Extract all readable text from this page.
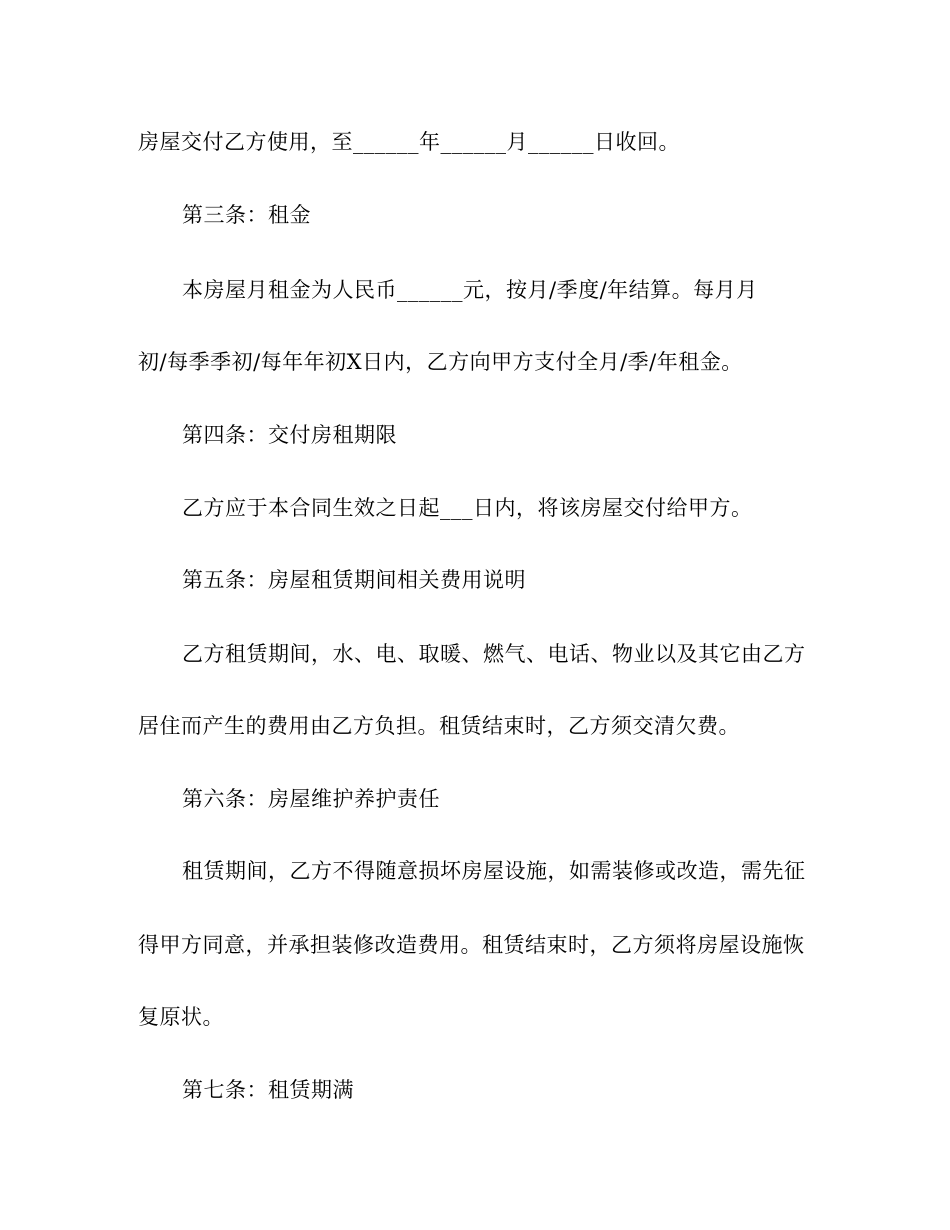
房屋交付乙方使用，至______年______月______日收回。
第三条：租金
本房屋月租金为人民币______元，按月/季度/年结算。每月月
初/每季季初/每年年初X日内，乙方向甲方支付全月/季/年租金。
第四条：交付房租期限
乙方应于本合同生效之日起___日内，将该房屋交付给甲方。
第五条：房屋租赁期间相关费用说明
乙方租赁期间，水、电、取暖、燃气、电话、物业以及其它由乙方
居住而产生的费用由乙方负担。租赁结束时，乙方须交清欠费。
第六条：房屋维护养护责任
租赁期间，乙方不得随意损坏房屋设施，如需装修或改造，需先征
得甲方同意，并承担装修改造费用。租赁结束时，乙方须将房屋设施恢
复原状。
第七条：租赁期满
